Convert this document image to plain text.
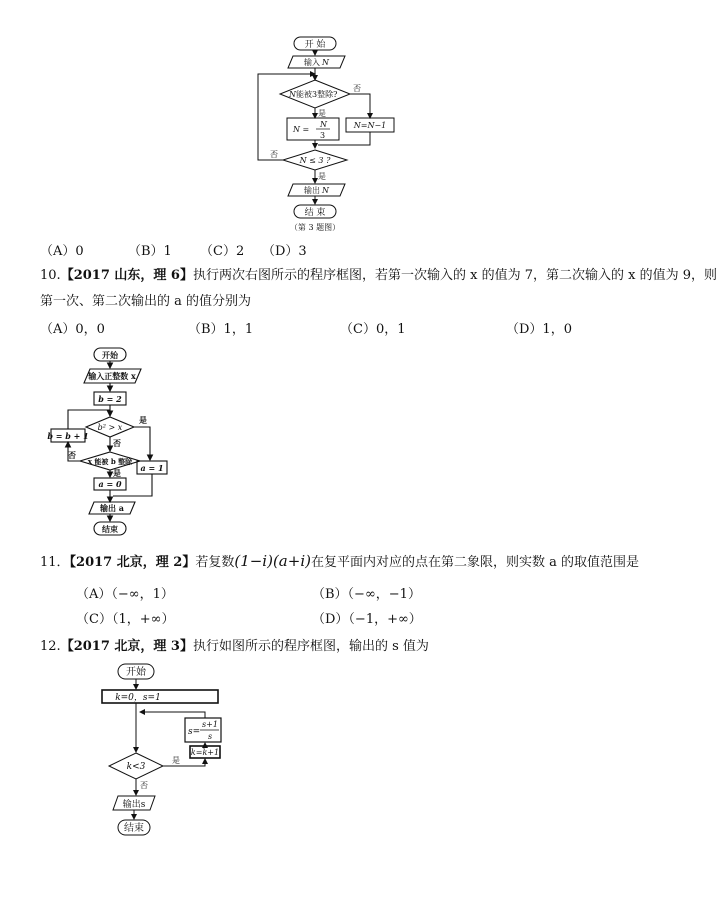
开 始
输入 N
N 能被3整除?
否
是
N =
N
3
N=N−1
N ≤ 3 ?
否
是
输出 N
结 束
（第 3 题图）
（A）0	（B）1 （C）2 （D）3
10.【2017 山东，理 6】执行两次右图所示的程序框图，若第一次输入的 x 的值为 7，第二次输入的 x 的值为 9，则
第一次、第二次输出的 a 的值分别为
（A）0，0	（B）1，1	（C）0，1	（D）1，0
开始
输入正整数 x
b = 2
b² > x
是
否
x 能被 b 整除
否
是
b = b + 1
a = 1
a = 0
输出 a
结束
11．【2017 北京，理 2】若复数(1−i)(a+i)在复平面内对应的点在第二象限，则实数 a 的取值范围是
（A）（−∞，1）	（B）（−∞，−1）
（C）（1，+∞）	（D）（−1，+∞）
12.【2017 北京，理 3】执行如图所示的程序框图，输出的 s 值为
开始
k=0，s=1
s=
s+1
s
k=k+1
k<3
是
否
输出s
结束
